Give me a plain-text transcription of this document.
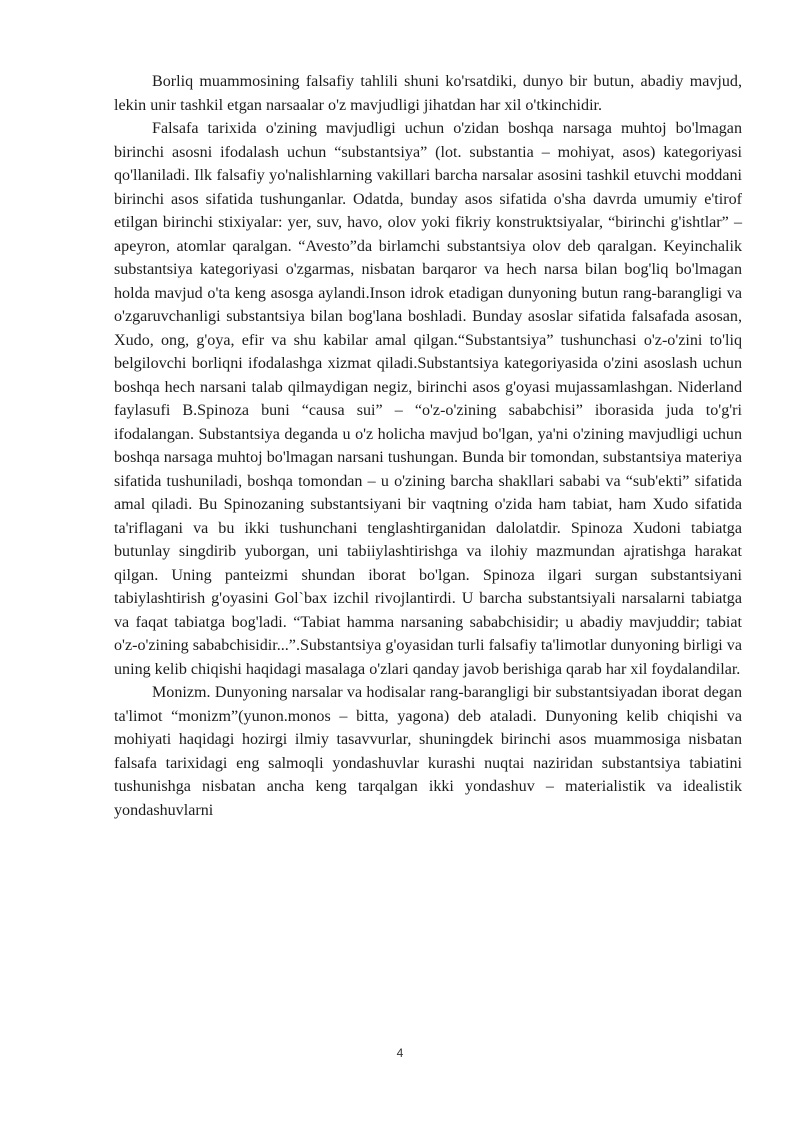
Borliq muammosining falsafiy tahlili shuni ko'rsatdiki, dunyo bir butun, abadiy mavjud, lekin unir tashkil etgan narsaalar o'z mavjudligi jihatdan har xil o'tkinchidir.

Falsafa tarixida o'zining mavjudligi uchun o'zidan boshqa narsaga muhtoj bo'lmagan birinchi asosni ifodalash uchun “substantsiya” (lot. substantia – mohiyat, asos) kategoriyasi qo'llaniladi. Ilk falsafiy yo'nalishlarning vakillari barcha narsalar asosini tashkil etuvchi moddani birinchi asos sifatida tushunganlar. Odatda, bunday asos sifatida o'sha davrda umumiy e'tirof etilgan birinchi stixiyalar: yer, suv, havo, olov yoki fikriy konstruktsiyalar, “birinchi g'ishtlar” – apeyron, atomlar qaralgan. “Avesto”da birlamchi substantsiya olov deb qaralgan. Keyinchalik substantsiya kategoriyasi o'zgarmas, nisbatan barqaror va hech narsa bilan bog'liq bo'lmagan holda mavjud o'ta keng asosga aylandi.Inson idrok etadigan dunyoning butun rang-barangligi va o'zgaruvchanligi substantsiya bilan bog'lana boshladi. Bunday asoslar sifatida falsafada asosan, Xudo, ong, g'oya, efir va shu kabilar amal qilgan.“Substantsiya” tushunchasi o'z-o'zini to'liq belgilovchi borliqni ifodalashga xizmat qiladi.Substantsiya kategoriyasida o'zini asoslash uchun boshqa hech narsani talab qilmaydigan negiz, birinchi asos g'oyasi mujassamlashgan. Niderland faylasufi B.Spinoza buni “causa sui” – “o'z-o'zining sababchisi” iborasida juda to'g'ri ifodalangan. Substantsiya deganda u o'z holicha mavjud bo'lgan, ya'ni o'zining mavjudligi uchun boshqa narsaga muhtoj bo'lmagan narsani tushungan. Bunda bir tomondan, substantsiya materiya sifatida tushuniladi, boshqa tomondan – u o'zining barcha shakllari sababi va “sub'ekti” sifatida amal qiladi. Bu Spinozaning substantsiyani bir vaqtning o'zida ham tabiat, ham Xudo sifatida ta'riflagani va bu ikki tushunchani tenglashtirganidan dalolatdir. Spinoza Xudoni tabiatga butunlay singdirib yuborgan, uni tabiiylashtirishga va ilohiy mazmundan ajratishga harakat qilgan. Uning panteizmi shundan iborat bo'lgan. Spinoza ilgari surgan substantsiyani tabiylashtirish g'oyasini Gol`bax izchil rivojlantirdi. U barcha substantsiyali narsalarni tabiatga va faqat tabiatga bog'ladi. “Tabiat hamma narsaning sababchisidir; u abadiy mavjuddir; tabiat o'z-o'zining sababchisidir...”.Substantsiya g'oyasidan turli falsafiy ta'limotlar dunyoning birligi va uning kelib chiqishi haqidagi masalaga o'zlari qanday javob berishiga qarab har xil foydalandilar.

Monizm. Dunyoning narsalar va hodisalar rang-barangligi bir substantsiyadan iborat degan ta'limot “monizm”(yunon.monos – bitta, yagona) deb ataladi. Dunyoning kelib chiqishi va mohiyati haqidagi hozirgi ilmiy tasavvurlar, shuningdek birinchi asos muammosiga nisbatan falsafa tarixidagi eng salmoqli yondashuvlar kurashi nuqtai naziridan substantsiya tabiatini tushunishga nisbatan ancha keng tarqalgan ikki yondashuv – materialistik va idealistik yondashuvlarni

4
